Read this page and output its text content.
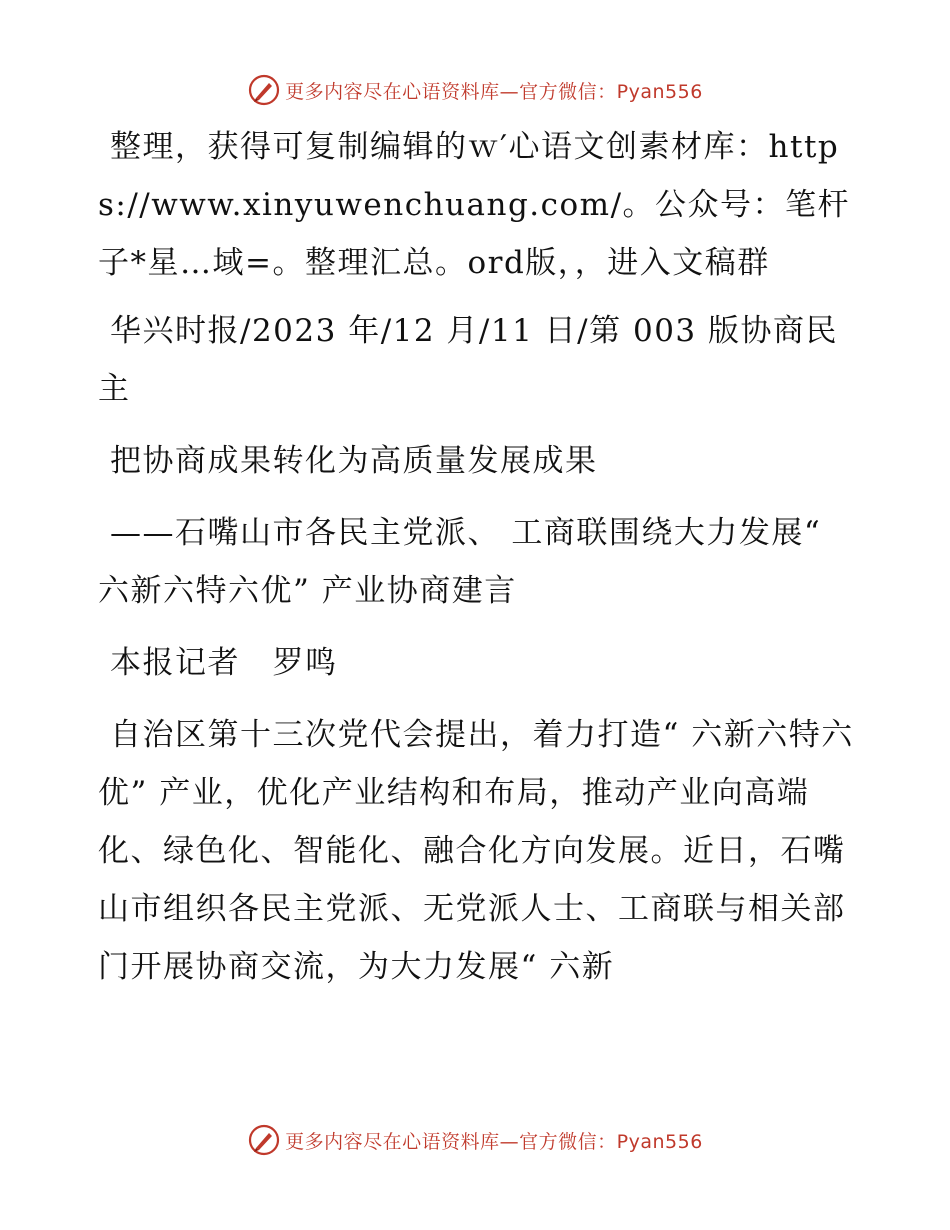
更多内容尽在心语资料库—官方微信：Pyan556

整理，获得可复制编辑的ｗ′心语文创素材库：https://www.xinyuwenchuang.com/。公众号：笔杆子*星…域=。整理汇总。ord版，，进入文稿群

华兴时报/2023 年/12 月/11 日/第 003 版协商民主

把协商成果转化为高质量发展成果

——石嘴山市各民主党派、 工商联围绕大力发展“ 六新六特六优” 产业协商建言

本报记者　罗鸣

自治区第十三次党代会提出，着力打造“ 六新六特六优” 产业，优化产业结构和布局，推动产业向高端化、绿色化、智能化、融合化方向发展。近日，石嘴山市组织各民主党派、无党派人士、工商联与相关部门开展协商交流，为大力发展“ 六新

更多内容尽在心语资料库—官方微信：Pyan556
